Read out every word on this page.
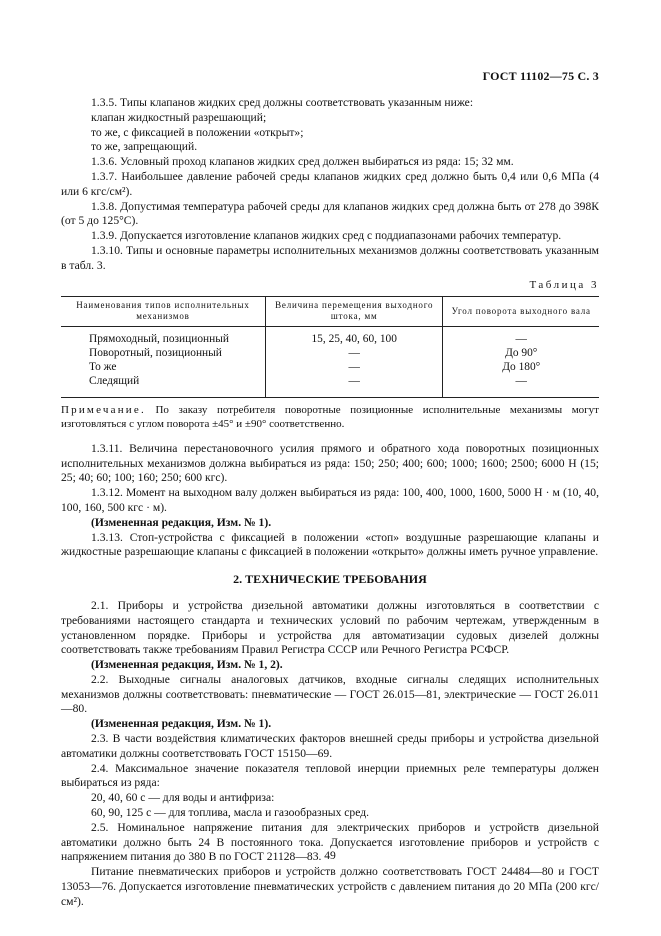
ГОСТ 11102—75 С. 3

1.3.5. Типы клапанов жидких сред должны соответствовать указанным ниже:

клапан жидкостный разрешающий;

то же, с фиксацией в положении «открыт»;

то же, запрещающий.

1.3.6. Условный проход клапанов жидких сред должен выбираться из ряда: 15; 32 мм.

1.3.7. Наибольшее давление рабочей среды клапанов жидких сред должно быть 0,4 или 0,6 МПа (4 или 6 кгс/см²).

1.3.8. Допустимая температура рабочей среды для клапанов жидких сред должна быть от 278 до 398К (от 5 до 125°С).

1.3.9. Допускается изготовление клапанов жидких сред с поддиапазонами рабочих температур.

1.3.10. Типы и основные параметры исполнительных механизмов должны соответствовать указанным в табл. 3.

Таблица 3
Наименования типов исполнительных механизмов	Величина перемещения выходного штока, мм	Угол поворота выходного вала
Прямоходный, позиционный	15, 25, 40, 60, 100	—
Поворотный, позиционный	—	До 90°
То же	—	До 180°
Следящий	—	—

Примечание. По заказу потребителя поворотные позиционные исполнительные механизмы могут изготовляться с углом поворота ±45° и ±90° соответственно.

1.3.11. Величина перестановочного усилия прямого и обратного хода поворотных позиционных исполнительных механизмов должна выбираться из ряда: 150; 250; 400; 600; 1000; 1600; 2500; 6000 Н (15; 25; 40; 60; 100; 160; 250; 600 кгс).

1.3.12. Момент на выходном валу должен выбираться из ряда: 100, 400, 1000, 1600, 5000 Н · м (10, 40, 100, 160, 500 кгс · м).

(Измененная редакция, Изм. № 1).

1.3.13. Стоп-устройства с фиксацией в положении «стоп» воздушные разрешающие клапаны и жидкостные разрешающие клапаны с фиксацией в положении «открыто» должны иметь ручное управление.

2. ТЕХНИЧЕСКИЕ ТРЕБОВАНИЯ

2.1. Приборы и устройства дизельной автоматики должны изготовляться в соответствии с требованиями настоящего стандарта и технических условий по рабочим чертежам, утвержденным в установленном порядке. Приборы и устройства для автоматизации судовых дизелей должны соответствовать также требованиям Правил Регистра СССР или Речного Регистра РСФСР.

(Измененная редакция, Изм. № 1, 2).

2.2. Выходные сигналы аналоговых датчиков, входные сигналы следящих исполнительных механизмов должны соответствовать: пневматические — ГОСТ 26.015—81, электрические — ГОСТ 26.011—80.

(Измененная редакция, Изм. № 1).

2.3. В части воздействия климатических факторов внешней среды приборы и устройства дизельной автоматики должны соответствовать ГОСТ 15150—69.

2.4. Максимальное значение показателя тепловой инерции приемных реле температуры должен выбираться из ряда:

20, 40, 60 с — для воды и антифриза:

60, 90, 125 с — для топлива, масла и газообразных сред.

2.5. Номинальное напряжение питания для электрических приборов и устройств дизельной автоматики должно быть 24 В постоянного тока. Допускается изготовление приборов и устройств с напряжением питания до 380 В по ГОСТ 21128—83.

Питание пневматических приборов и устройств должно соответствовать ГОСТ 24484—80 и ГОСТ 13053—76. Допускается изготовление пневматических устройств с давлением питания до 20 МПа (200 кгс/см²).

49
